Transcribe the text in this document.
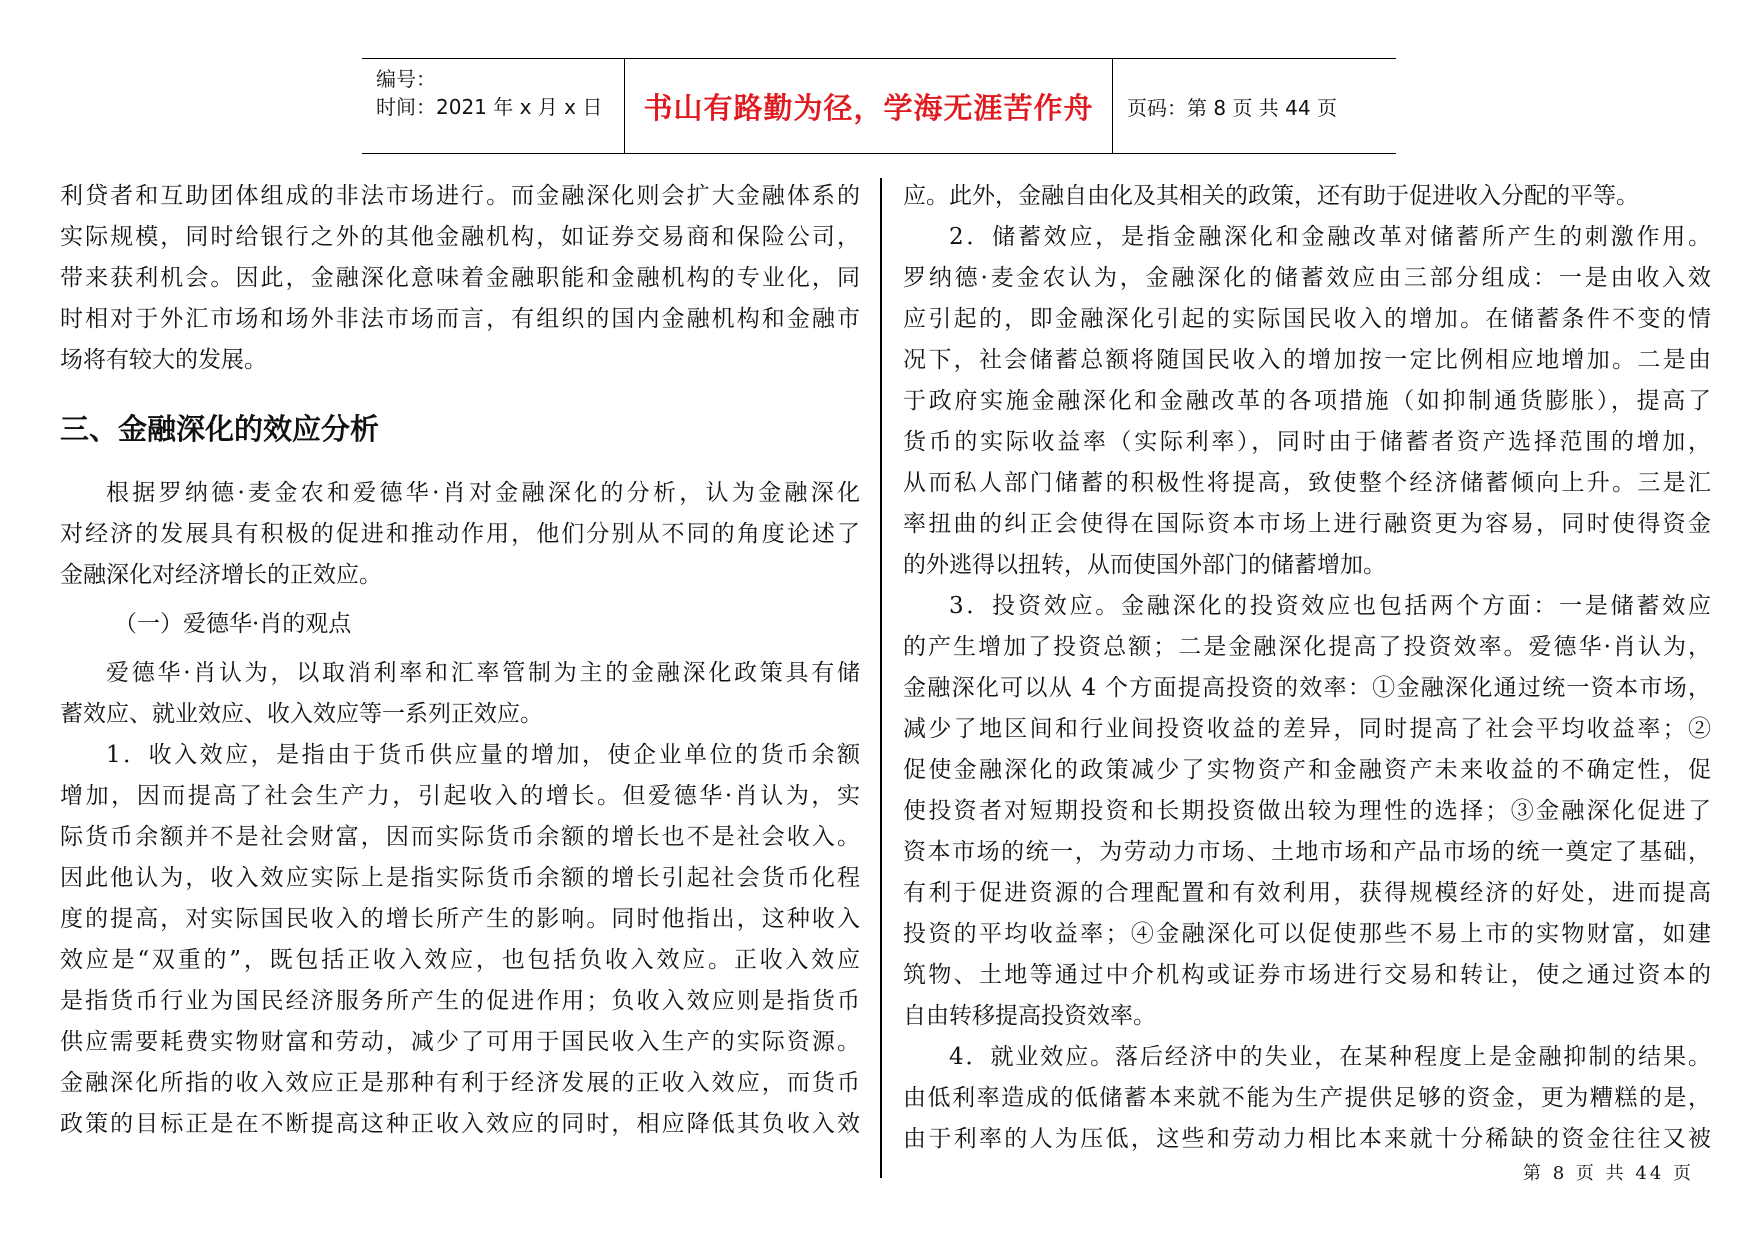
编号：
时间：2021 年 x 月 x 日 书山有路勤为径，学海无涯苦作舟 页码：第 8 页 共 44 页
利贷者和互助团体组成的非法市场进行。而金融深化则会扩大金融体系的
实际规模，同时给银行之外的其他金融机构，如证券交易商和保险公司，
带来获利机会。因此，金融深化意味着金融职能和金融机构的专业化，同
时相对于外汇市场和场外非法市场而言，有组织的国内金融机构和金融市
场将有较大的发展。
三、金融深化的效应分析
根据罗纳德·麦金农和爱德华·肖对金融深化的分析，认为金融深化
对经济的发展具有积极的促进和推动作用，他们分别从不同的角度论述了
金融深化对经济增长的正效应。
（一）爱德华·肖的观点
爱德华·肖认为，以取消利率和汇率管制为主的金融深化政策具有储
蓄效应、就业效应、收入效应等一系列正效应。
1．收入效应，是指由于货币供应量的增加，使企业单位的货币余额
增加，因而提高了社会生产力，引起收入的增长。但爱德华·肖认为，实
际货币余额并不是社会财富，因而实际货币余额的增长也不是社会收入。
因此他认为，收入效应实际上是指实际货币余额的增长引起社会货币化程
度的提高，对实际国民收入的增长所产生的影响。同时他指出，这种收入
效应是“双重的”，既包括正收入效应，也包括负收入效应。正收入效应
是指货币行业为国民经济服务所产生的促进作用；负收入效应则是指货币
供应需要耗费实物财富和劳动，减少了可用于国民收入生产的实际资源。
金融深化所指的收入效应正是那种有利于经济发展的正收入效应，而货币
政策的目标正是在不断提高这种正收入效应的同时，相应降低其负收入效
应。此外，金融自由化及其相关的政策，还有助于促进收入分配的平等。
2．储蓄效应，是指金融深化和金融改革对储蓄所产生的刺激作用。
罗纳德·麦金农认为，金融深化的储蓄效应由三部分组成：一是由收入效
应引起的，即金融深化引起的实际国民收入的增加。在储蓄条件不变的情
况下，社会储蓄总额将随国民收入的增加按一定比例相应地增加。二是由
于政府实施金融深化和金融改革的各项措施（如抑制通货膨胀），提高了
货币的实际收益率（实际利率），同时由于储蓄者资产选择范围的增加，
从而私人部门储蓄的积极性将提高，致使整个经济储蓄倾向上升。三是汇
率扭曲的纠正会使得在国际资本市场上进行融资更为容易，同时使得资金
的外逃得以扭转，从而使国外部门的储蓄增加。
3．投资效应。金融深化的投资效应也包括两个方面：一是储蓄效应
的产生增加了投资总额；二是金融深化提高了投资效率。爱德华·肖认为，
金融深化可以从 4 个方面提高投资的效率：①金融深化通过统一资本市场，
减少了地区间和行业间投资收益的差异，同时提高了社会平均收益率；②
促使金融深化的政策减少了实物资产和金融资产未来收益的不确定性，促
使投资者对短期投资和长期投资做出较为理性的选择；③金融深化促进了
资本市场的统一，为劳动力市场、土地市场和产品市场的统一奠定了基础，
有利于促进资源的合理配置和有效利用，获得规模经济的好处，进而提高
投资的平均收益率；④金融深化可以促使那些不易上市的实物财富，如建
筑物、土地等通过中介机构或证券市场进行交易和转让，使之通过资本的
自由转移提高投资效率。
4．就业效应。落后经济中的失业，在某种程度上是金融抑制的结果。
由低利率造成的低储蓄本来就不能为生产提供足够的资金，更为糟糕的是，
由于利率的人为压低，这些和劳动力相比本来就十分稀缺的资金往往又被
第 8 页 共 44 页
